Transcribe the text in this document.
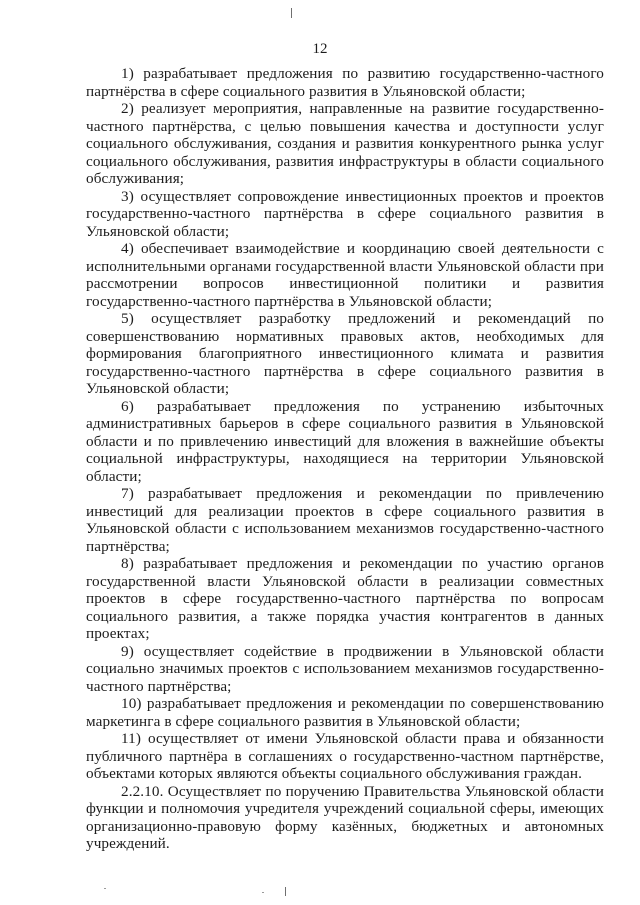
12

1) разрабатывает предложения по развитию государственно-частного партнёрства в сфере социального развития в Ульяновской области;

2) реализует мероприятия, направленные на развитие государственно-частного партнёрства, с целью повышения качества и доступности услуг социального обслуживания, создания и развития конкурентного рынка услуг социального обслуживания, развития инфраструктуры в области социального обслуживания;

3) осуществляет сопровождение инвестиционных проектов и проектов государственно-частного партнёрства в сфере социального развития в Ульяновской области;

4) обеспечивает взаимодействие и координацию своей деятельности с исполнительными органами государственной власти Ульяновской области при рассмотрении вопросов инвестиционной политики и развития государственно-частного партнёрства в Ульяновской области;

5) осуществляет разработку предложений и рекомендаций по совершенствованию нормативных правовых актов, необходимых для формирования благоприятного инвестиционного климата и развития государственно-частного партнёрства в сфере социального развития в Ульяновской области;

6) разрабатывает предложения по устранению избыточных административных барьеров в сфере социального развития в Ульяновской области и по привлечению инвестиций для вложения в важнейшие объекты социальной инфраструктуры, находящиеся на территории Ульяновской области;

7) разрабатывает предложения и рекомендации по привлечению инвестиций для реализации проектов в сфере социального развития в Ульяновской области с использованием механизмов государственно-частного партнёрства;

8) разрабатывает предложения и рекомендации по участию органов государственной власти Ульяновской области в реализации совместных проектов в сфере государственно-частного партнёрства по вопросам социального развития, а также порядка участия контрагентов в данных проектах;

9) осуществляет содействие в продвижении в Ульяновской области социально значимых проектов с использованием механизмов государственно-частного партнёрства;

10) разрабатывает предложения и рекомендации по совершенствованию маркетинга в сфере социального развития в Ульяновской области;

11) осуществляет от имени Ульяновской области права и обязанности публичного партнёра в соглашениях о государственно-частном партнёрстве, объектами которых являются объекты социального обслуживания граждан.

2.2.10. Осуществляет по поручению Правительства Ульяновской области функции и полномочия учредителя учреждений социальной сферы, имеющих организационно-правовую форму казённых, бюджетных и автономных учреждений.
